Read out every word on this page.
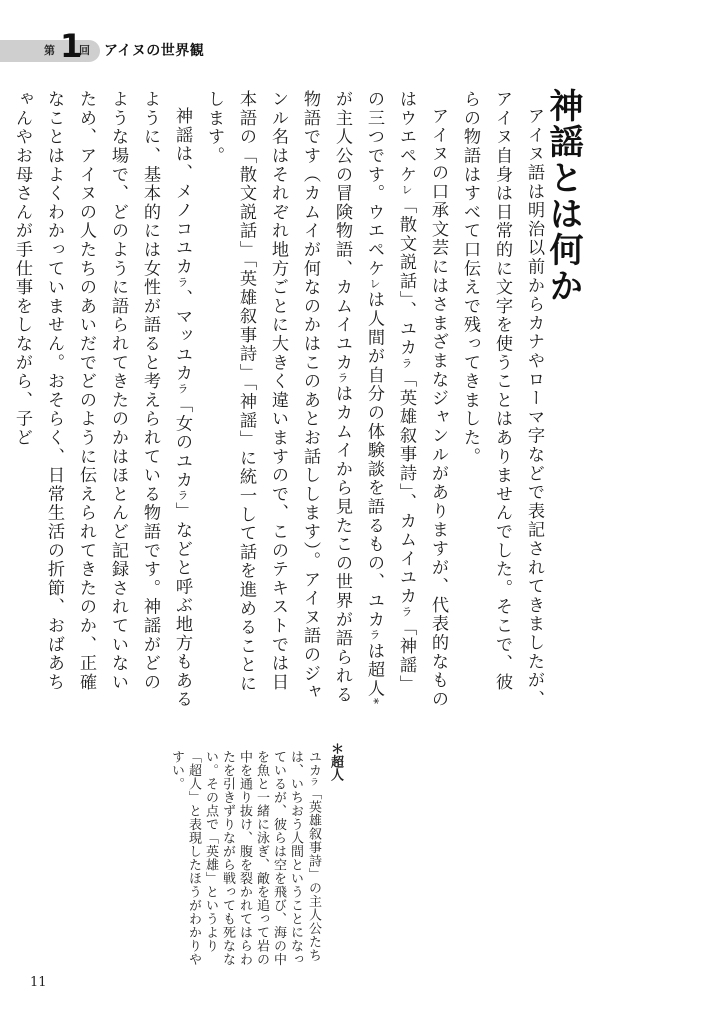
第 1
回 アイヌの世界観
神謡とは何か

アイヌ語は明治以前からカナやローマ字などで表記されてきましたが、アイヌ自身は日常的に文字を使うことはありませんでした。そこで、彼らの物語はすべて口伝えで残ってきました。

アイヌの口承文芸にはさまざまなジャンルがありますが、代表的なものはウエペケレ「散文説話」、ユカラ「英雄叙事詩」、カムイユカラ「神謡」の三つです。ウエペケレは人間が自分の体験談を語るもの、ユカラは超人*が主人公の冒険物語、カムイユカラはカムイから見たこの世界が語られる物語です（カムイが何なのかはこのあとお話しします）。アイヌ語のジャンル名はそれぞれ地方ごとに大きく違いますので、このテキストでは日本語の「散文説話」「英雄叙事詩」「神謡」に統一して話を進めることにします。

神謡は、メノコユカラ、マッユカラ「女のユカラ」などと呼ぶ地方もあるように、基本的には女性が語ると考えられている物語です。神謡がどのような場で、どのように語られてきたのかはほとんど記録されていないため、アイヌの人たちのあいだでどのように伝えられてきたのか、正確なことはよくわかっていません。おそらく、日常生活の折節、おばあちゃんやお母さんが手仕事をしながら、子ど

＊超人
ユカラ「英雄叙事詩」の主人公たちは、いちおう人間ということになっているが、彼らは空を飛び、海の中を魚と一緒に泳ぎ、敵を追って岩の中を通り抜け、腹を裂かれてはらわたを引きずりながら戦っても死なない。その点で「英雄」というより「超人」と表現したほうがわかりやすい。
11
